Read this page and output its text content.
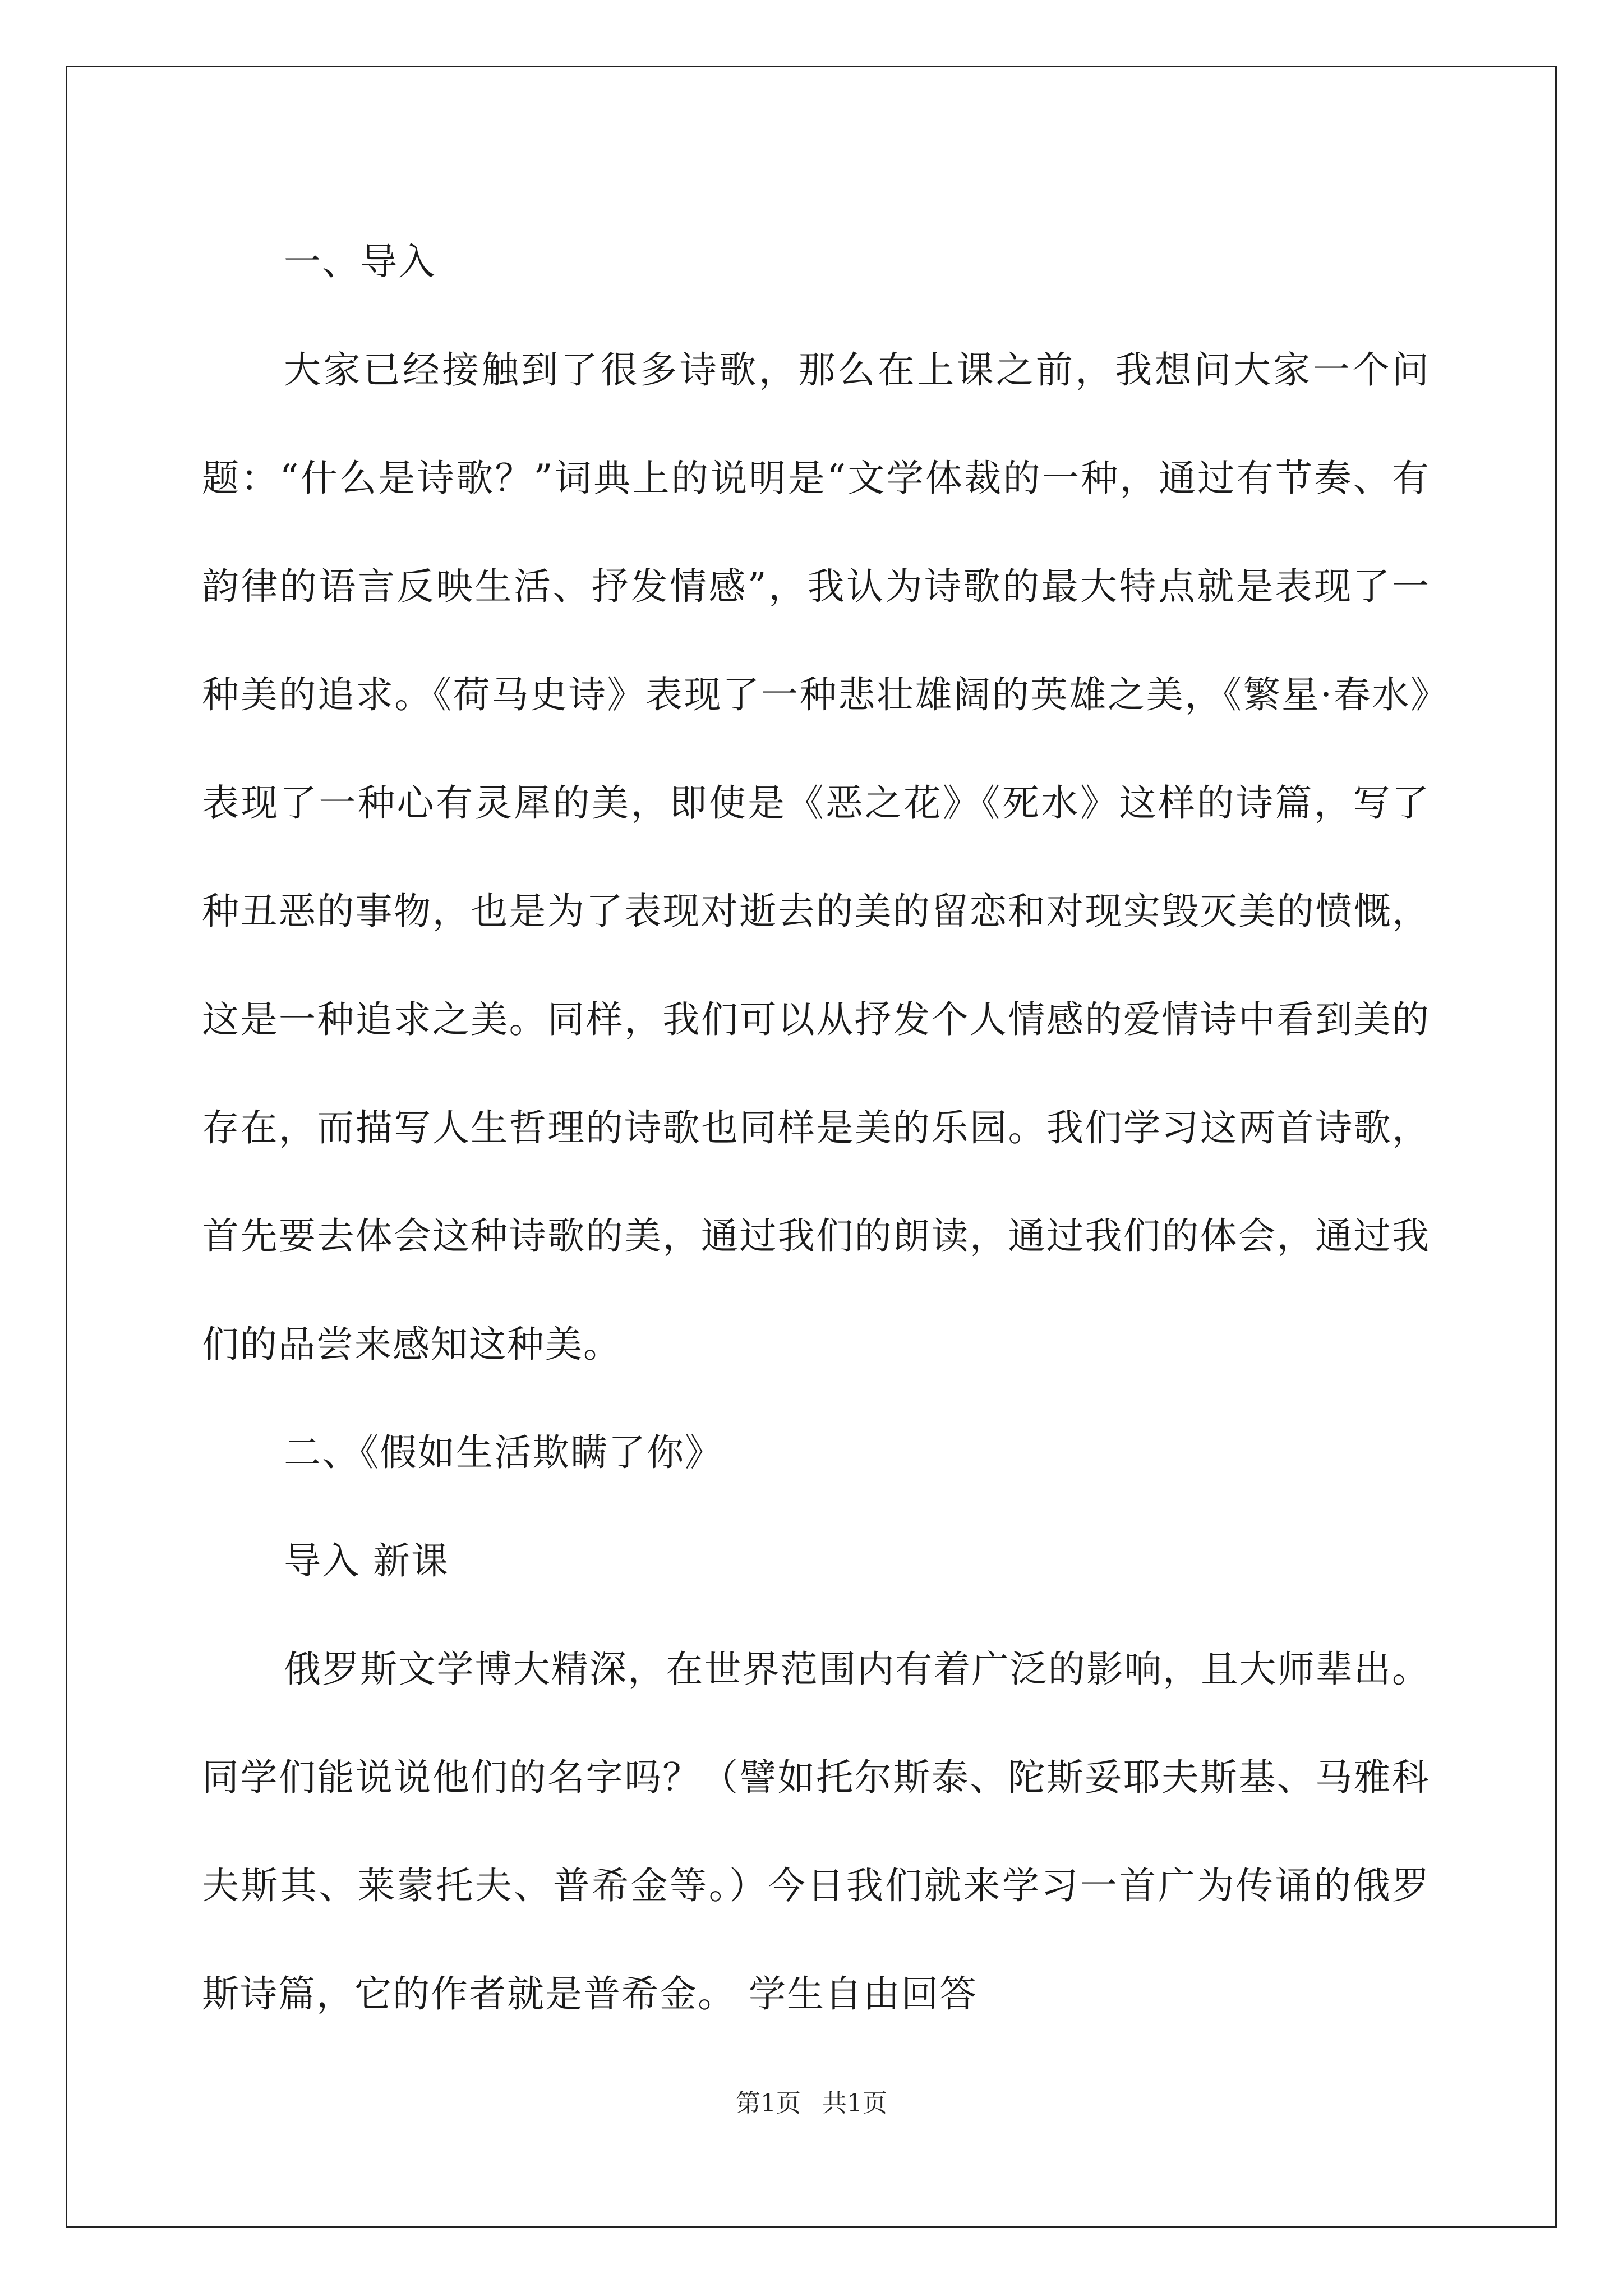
一、导入

大家已经接触到了很多诗歌，那么在上课之前，我想问大家一个问题：“什么是诗歌？”词典上的说明是“文学体裁的一种，通过有节奏、有韵律的语言反映生活、抒发情感”，我认为诗歌的最大特点就是表现了一种美的追求。《荷马史诗》表现了一种悲壮雄阔的英雄之美，《繁星·春水》表现了一种心有灵犀的美，即使是《恶之花》《死水》这样的诗篇，写了种丑恶的事物，也是为了表现对逝去的美的留恋和对现实毁灭美的愤慨，这是一种追求之美。同样，我们可以从抒发个人情感的爱情诗中看到美的存在，而描写人生哲理的诗歌也同样是美的乐园。我们学习这两首诗歌，首先要去体会这种诗歌的美，通过我们的朗读，通过我们的体会，通过我们的品尝来感知这种美。

二、《假如生活欺瞒了你》

导入 新课

俄罗斯文学博大精深，在世界范围内有着广泛的影响，且大师辈出。同学们能说说他们的名字吗？（譬如托尔斯泰、陀斯妥耶夫斯基、马雅科夫斯其、莱蒙托夫、普希金等。）今日我们就来学习一首广为传诵的俄罗斯诗篇，它的作者就是普希金。 学生自由回答

第1页 共1页
